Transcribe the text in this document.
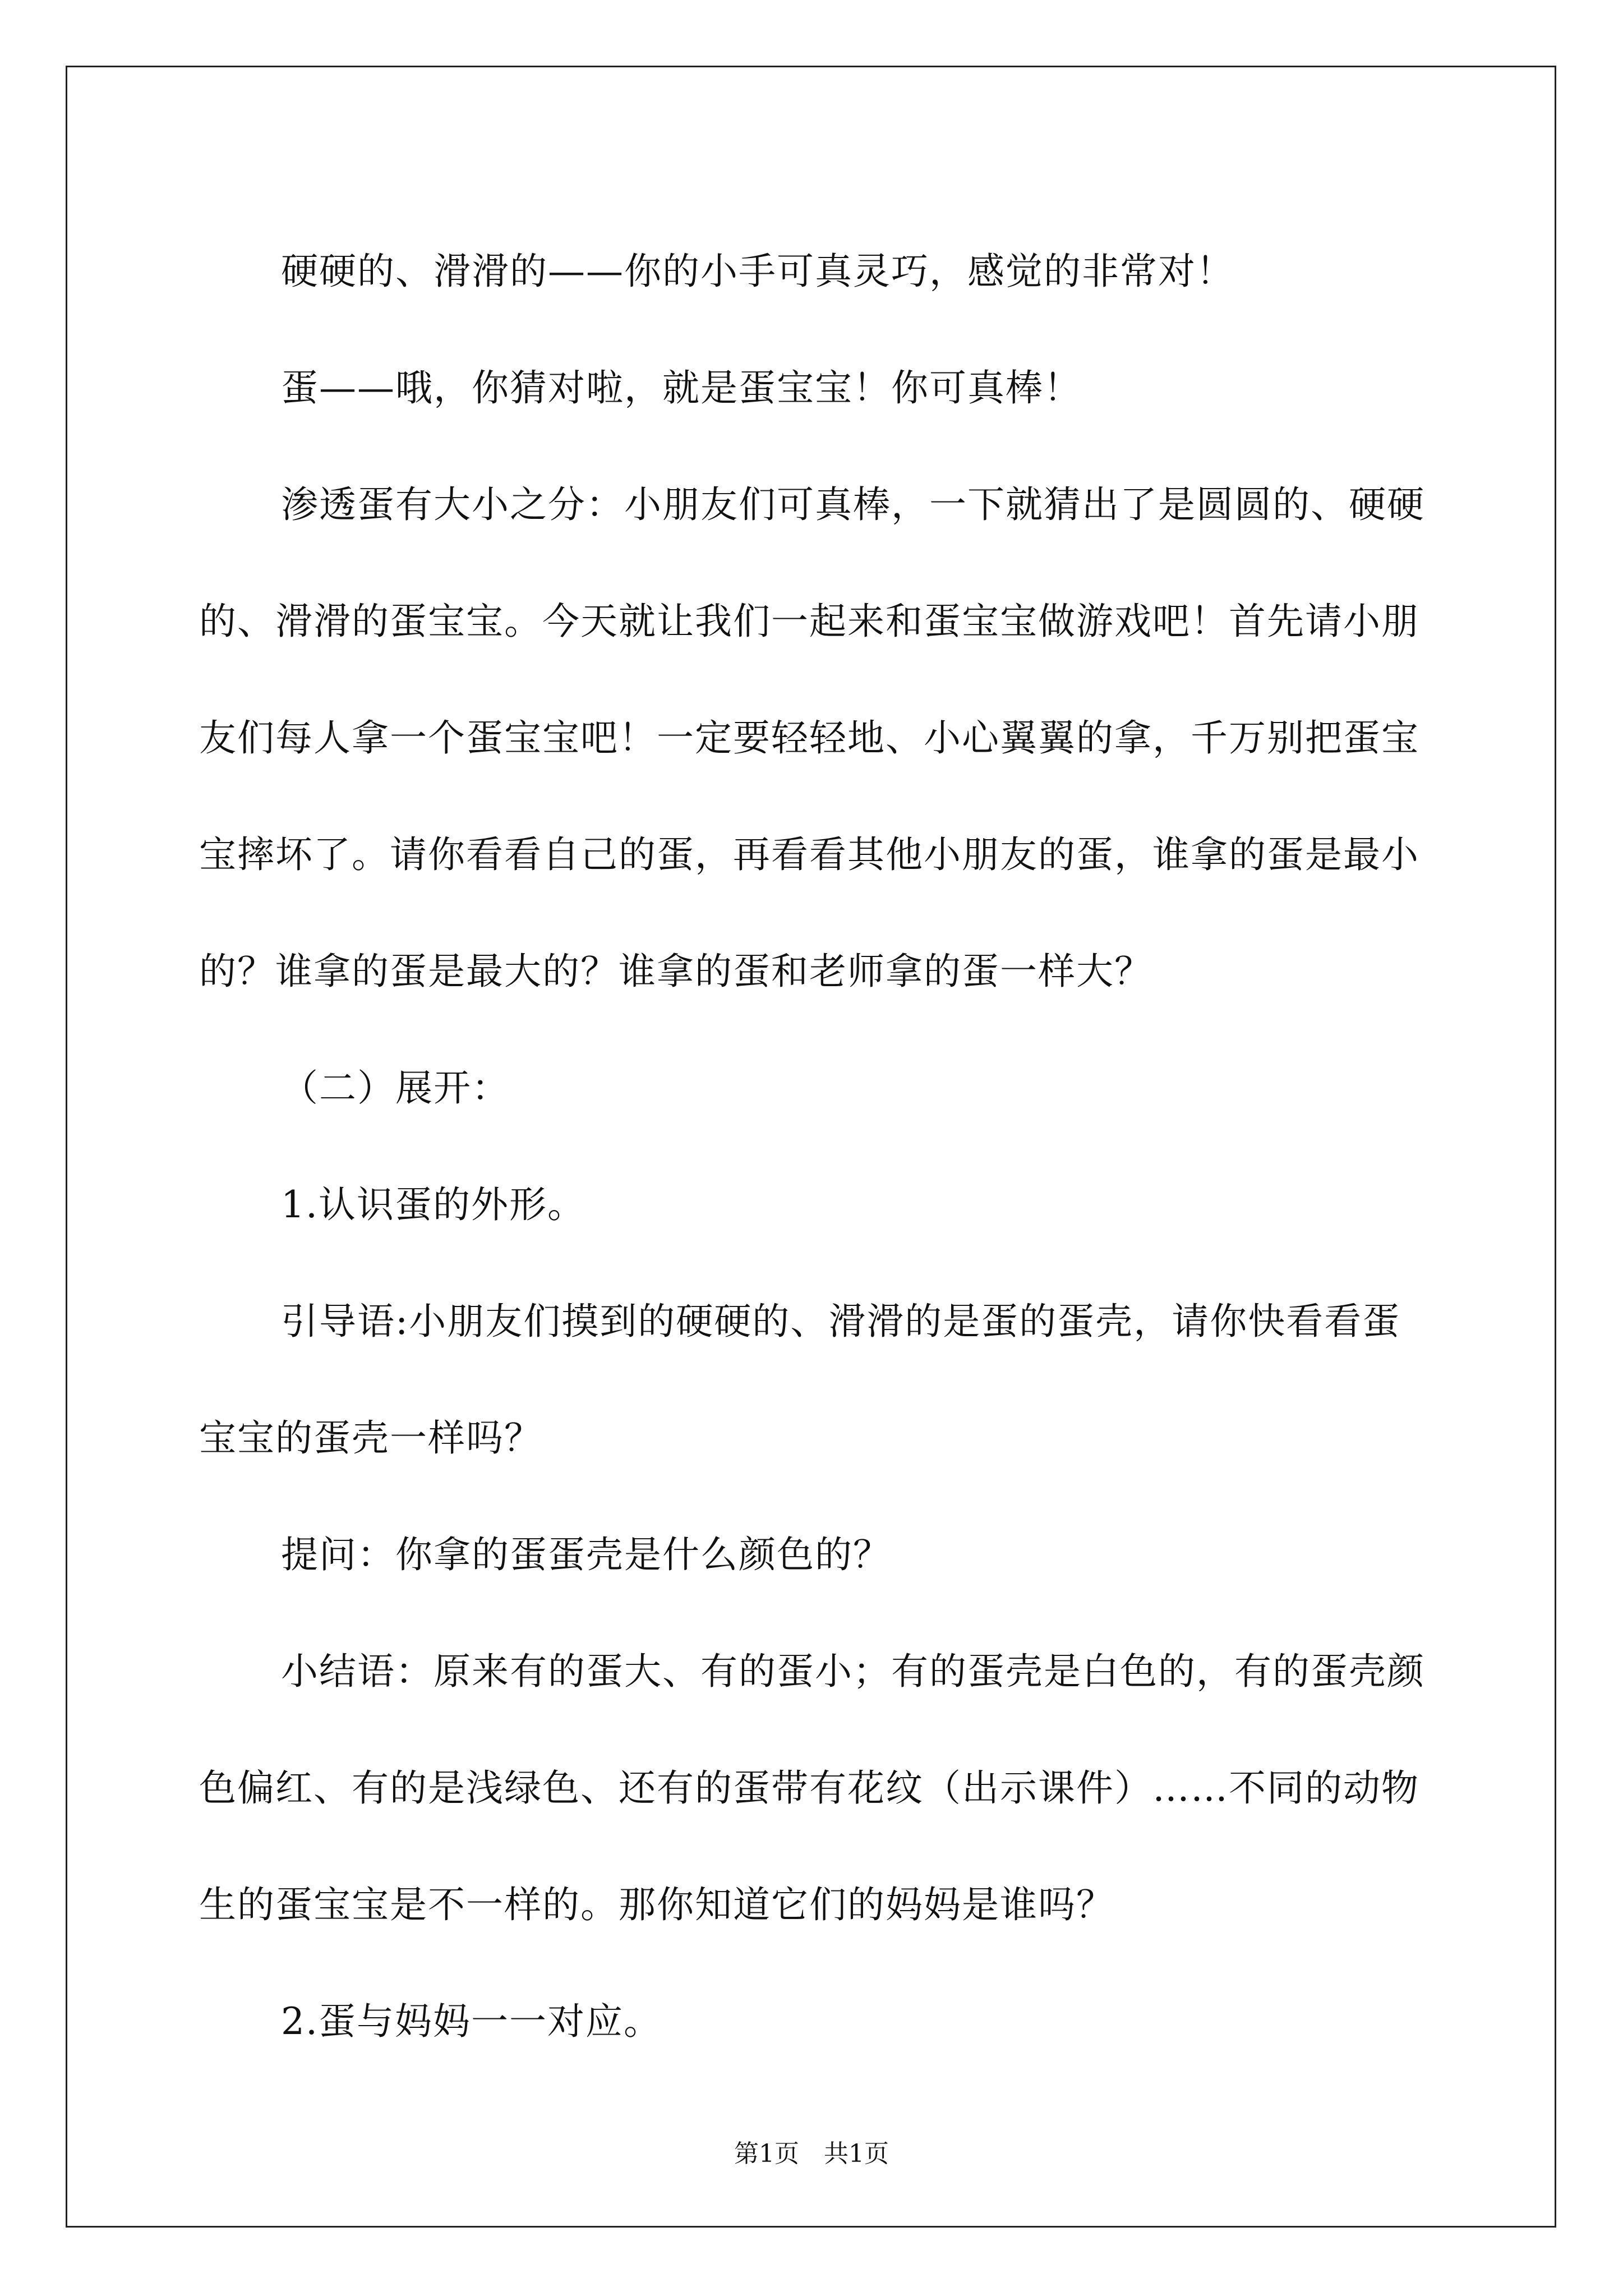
硬硬的、滑滑的——你的小手可真灵巧，感觉的非常对！

蛋——哦，你猜对啦，就是蛋宝宝！你可真棒！

渗透蛋有大小之分：小朋友们可真棒，一下就猜出了是圆圆的、硬硬的、滑滑的蛋宝宝。今天就让我们一起来和蛋宝宝做游戏吧！首先请小朋友们每人拿一个蛋宝宝吧！一定要轻轻地、小心翼翼的拿，千万别把蛋宝宝摔坏了。请你看看自己的蛋，再看看其他小朋友的蛋，谁拿的蛋是最小的？谁拿的蛋是最大的？谁拿的蛋和老师拿的蛋一样大？

（二）展开：

1.认识蛋的外形。

引导语:小朋友们摸到的硬硬的、滑滑的是蛋的蛋壳，请你快看看蛋宝宝的蛋壳一样吗？

提问：你拿的蛋蛋壳是什么颜色的？

小结语：原来有的蛋大、有的蛋小；有的蛋壳是白色的，有的蛋壳颜色偏红、有的是浅绿色、还有的蛋带有花纹（出示课件）……不同的动物生的蛋宝宝是不一样的。那你知道它们的妈妈是谁吗？

2.蛋与妈妈一一对应。

第1页　共1页
